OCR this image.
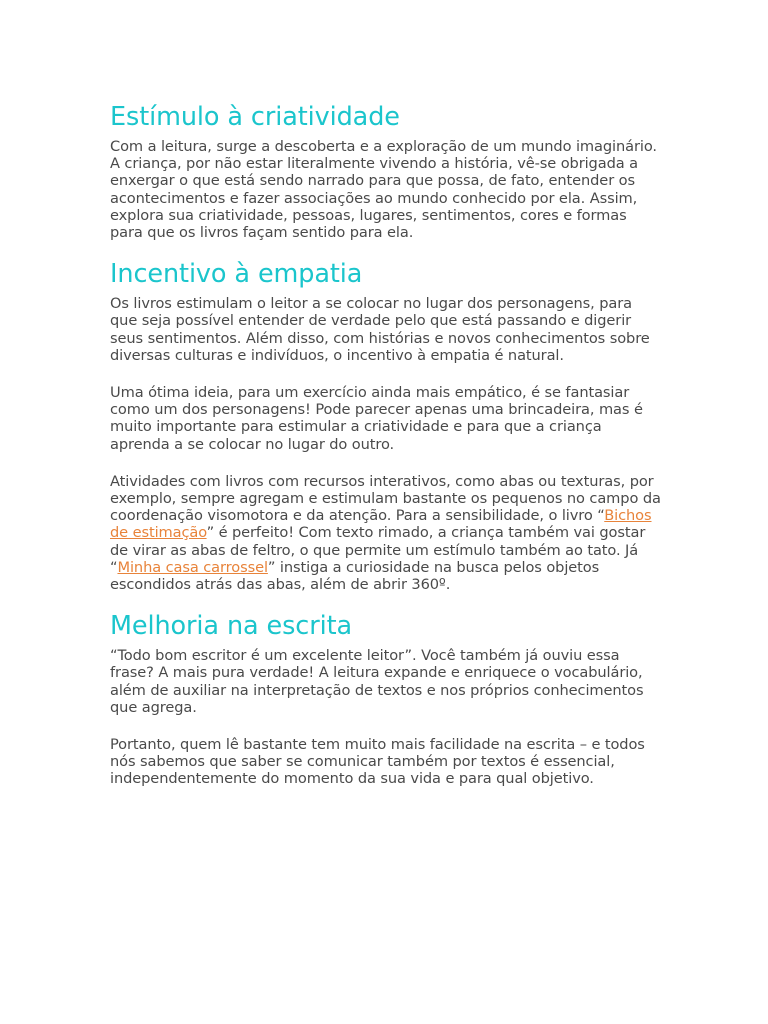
Estímulo à criatividade

Com a leitura, surge a descoberta e a exploração de um mundo imaginário. A criança, por não estar literalmente vivendo a história, vê-se obrigada a enxergar o que está sendo narrado para que possa, de fato, entender os acontecimentos e fazer associações ao mundo conhecido por ela. Assim, explora sua criatividade, pessoas, lugares, sentimentos, cores e formas para que os livros façam sentido para ela.

Incentivo à empatia

Os livros estimulam o leitor a se colocar no lugar dos personagens, para que seja possível entender de verdade pelo que está passando e digerir seus sentimentos. Além disso, com histórias e novos conhecimentos sobre diversas culturas e indivíduos, o incentivo à empatia é natural.

Uma ótima ideia, para um exercício ainda mais empático, é se fantasiar como um dos personagens! Pode parecer apenas uma brincadeira, mas é muito importante para estimular a criatividade e para que a criança aprenda a se colocar no lugar do outro.

Atividades com livros com recursos interativos, como abas ou texturas, por exemplo, sempre agregam e estimulam bastante os pequenos no campo da coordenação visomotora e da atenção. Para a sensibilidade, o livro “Bichos de estimação” é perfeito! Com texto rimado, a criança também vai gostar de virar as abas de feltro, o que permite um estímulo também ao tato. Já “Minha casa carrossel” instiga a curiosidade na busca pelos objetos escondidos atrás das abas, além de abrir 360º.

Melhoria na escrita

“Todo bom escritor é um excelente leitor”. Você também já ouviu essa frase? A mais pura verdade! A leitura expande e enriquece o vocabulário, além de auxiliar na interpretação de textos e nos próprios conhecimentos que agrega.

Portanto, quem lê bastante tem muito mais facilidade na escrita – e todos nós sabemos que saber se comunicar também por textos é essencial, independentemente do momento da sua vida e para qual objetivo.
